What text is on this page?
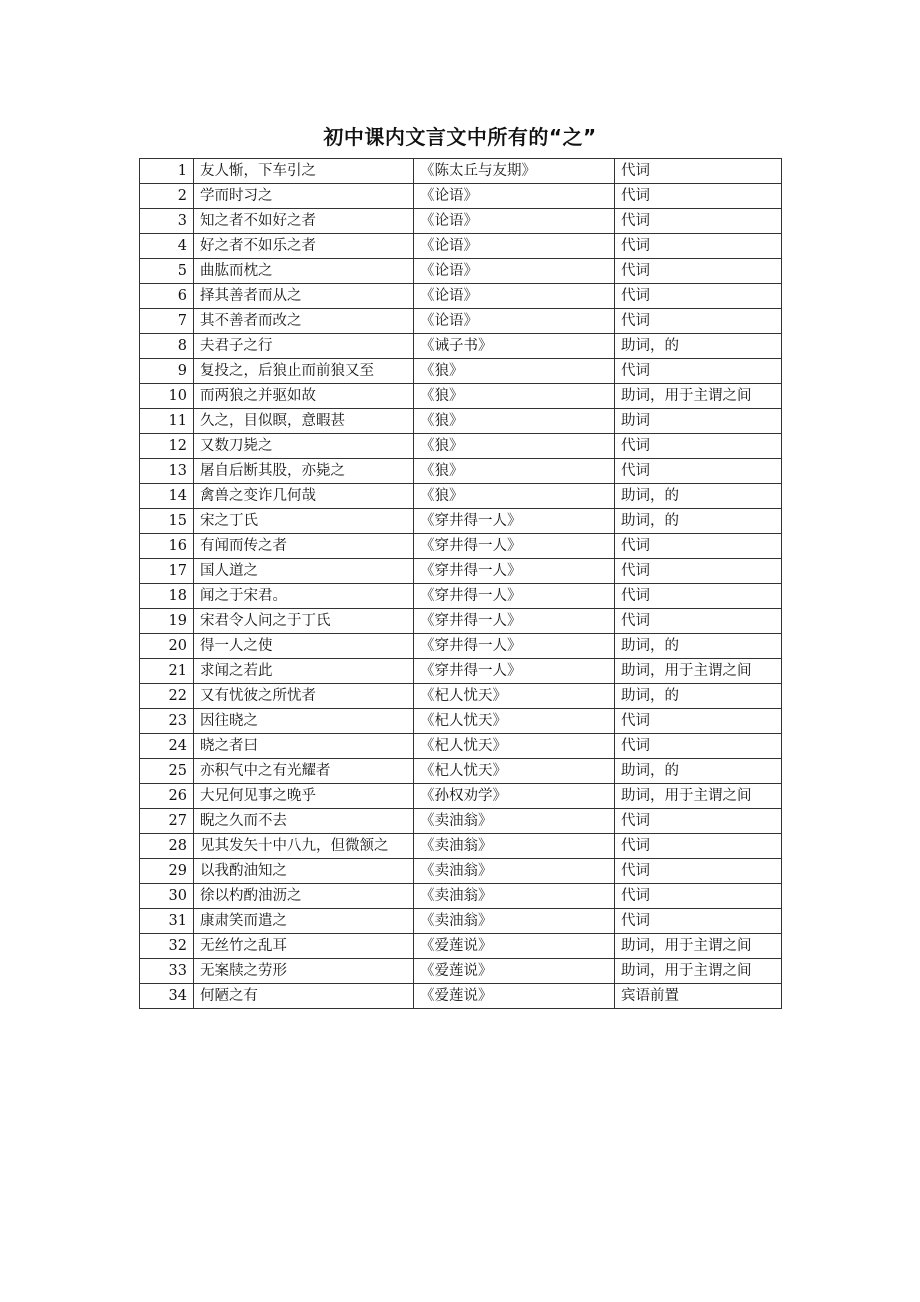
初中课内文言文中所有的“之”
1	友人惭，下车引之	《陈太丘与友期》	代词
2	学而时习之	《论语》	代词
3	知之者不如好之者	《论语》	代词
4	好之者不如乐之者	《论语》	代词
5	曲肱而枕之	《论语》	代词
6	择其善者而从之	《论语》	代词
7	其不善者而改之	《论语》	代词
8	夫君子之行	《诫子书》	助词，的
9	复投之，后狼止而前狼又至	《狼》	代词
10	而两狼之并驱如故	《狼》	助词，用于主谓之间
11	久之，目似瞑，意暇甚	《狼》	助词
12	又数刀毙之	《狼》	代词
13	屠自后断其股，亦毙之	《狼》	代词
14	禽兽之变诈几何哉	《狼》	助词，的
15	宋之丁氏	《穿井得一人》	助词，的
16	有闻而传之者	《穿井得一人》	代词
17	国人道之	《穿井得一人》	代词
18	闻之于宋君。	《穿井得一人》	代词
19	宋君令人问之于丁氏	《穿井得一人》	代词
20	得一人之使	《穿井得一人》	助词，的
21	求闻之若此	《穿井得一人》	助词，用于主谓之间
22	又有忧彼之所忧者	《杞人忧天》	助词，的
23	因往晓之	《杞人忧天》	代词
24	晓之者曰	《杞人忧天》	代词
25	亦积气中之有光耀者	《杞人忧天》	助词，的
26	大兄何见事之晚乎	《孙权劝学》	助词，用于主谓之间
27	睨之久而不去	《卖油翁》	代词
28	见其发矢十中八九，但微颔之	《卖油翁》	代词
29	以我酌油知之	《卖油翁》	代词
30	徐以杓酌油沥之	《卖油翁》	代词
31	康肃笑而遣之	《卖油翁》	代词
32	无丝竹之乱耳	《爱莲说》	助词，用于主谓之间
33	无案牍之劳形	《爱莲说》	助词，用于主谓之间
34	何陋之有	《爱莲说》	宾语前置
